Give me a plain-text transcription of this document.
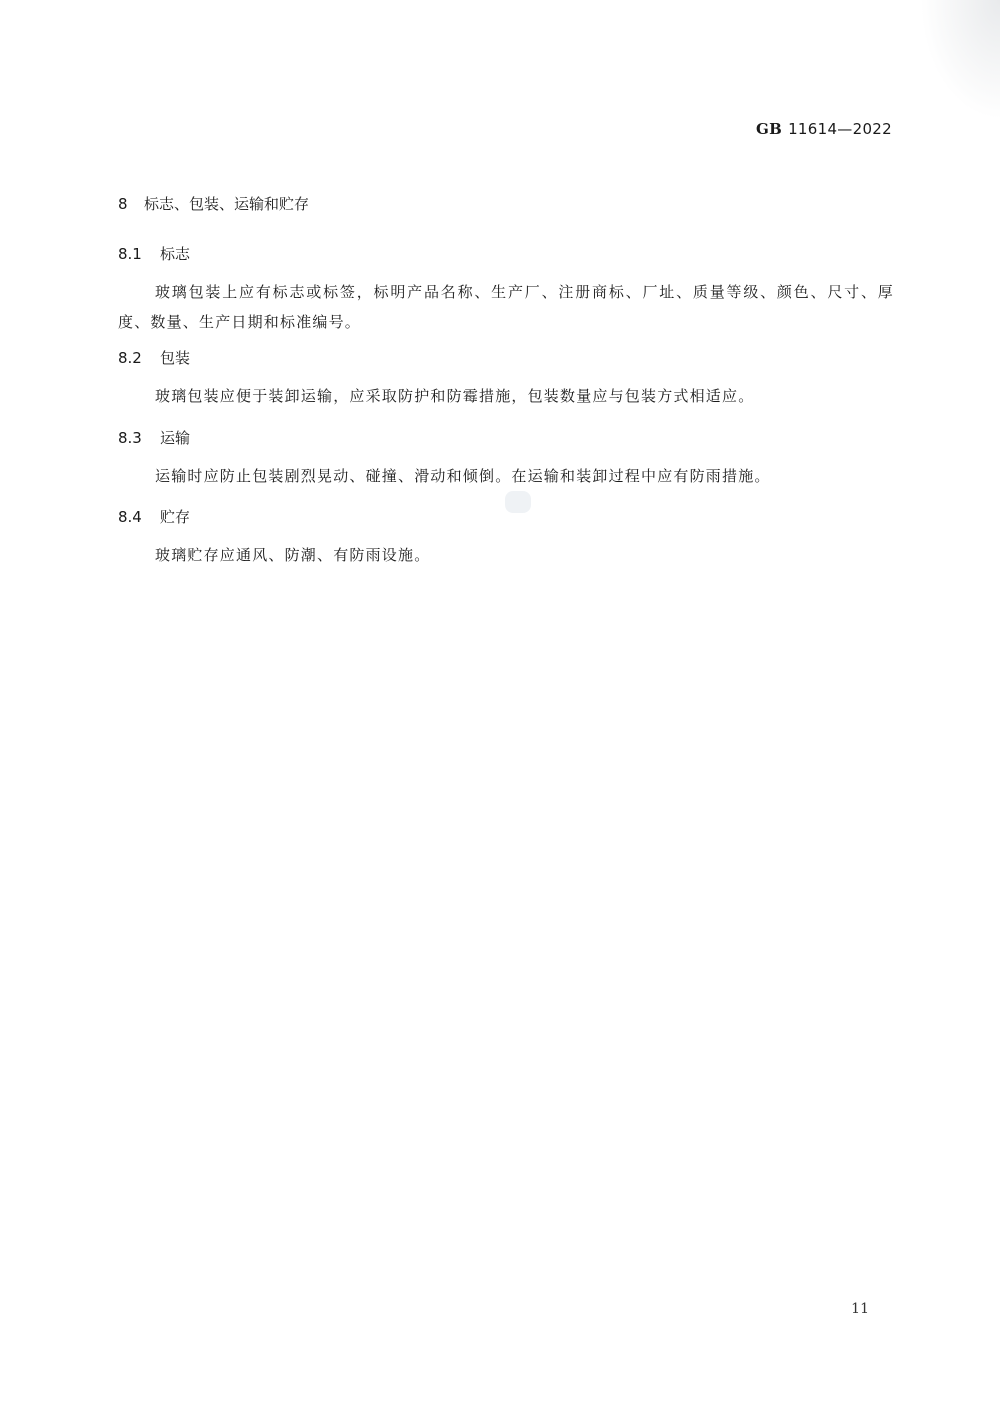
GB 11614—2022
8 标志、包装、运输和贮存
8.1 标志
玻璃包装上应有标志或标签，标明产品名称、生产厂、注册商标、厂址、质量等级、颜色、尺寸、厚度、数量、生产日期和标准编号。
8.2 包装
玻璃包装应便于装卸运输，应采取防护和防霉措施，包装数量应与包装方式相适应。
8.3 运输
运输时应防止包装剧烈晃动、碰撞、滑动和倾倒。在运输和装卸过程中应有防雨措施。
8.4 贮存
玻璃贮存应通风、防潮、有防雨设施。
11
